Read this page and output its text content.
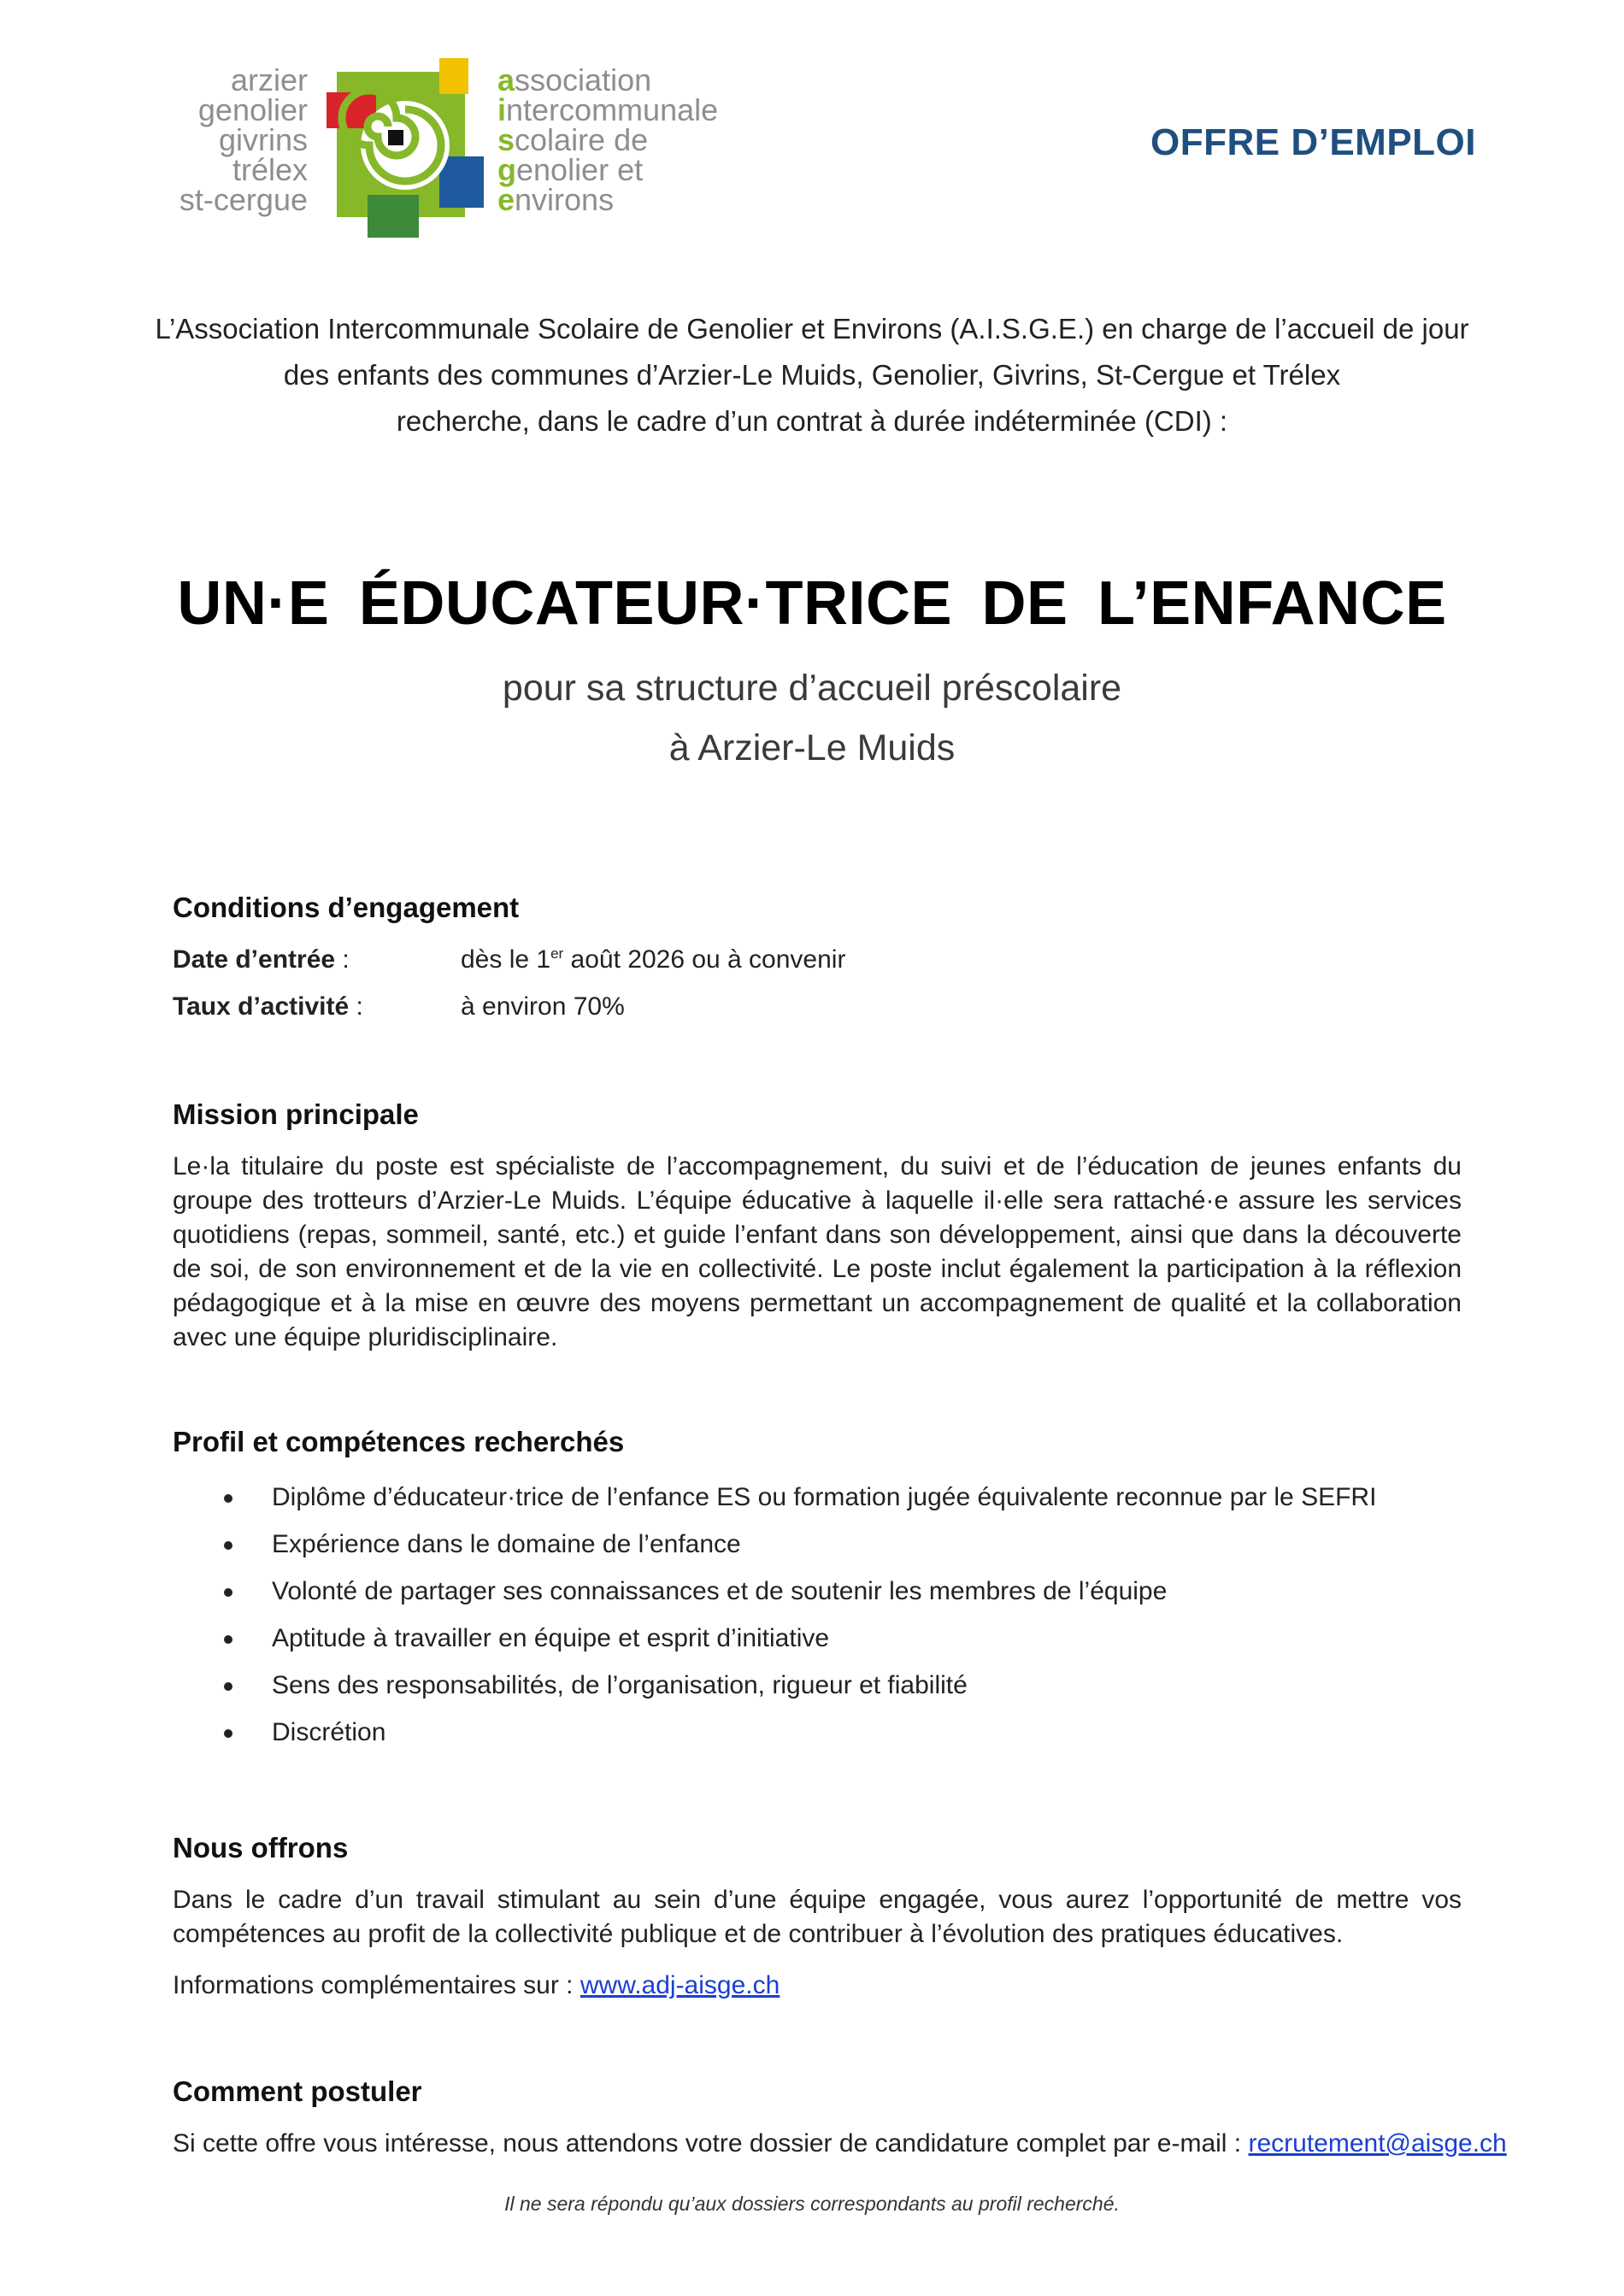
arzier
genolier
givrins
trélex
st-cergue
association
intercommunale
scolaire de
genolier et
environs
OFFRE D’EMPLOI

L’Association Intercommunale Scolaire de Genolier et Environs (A.I.S.G.E.) en charge de l’accueil de jour

des enfants des communes d’Arzier-Le Muids, Genolier, Givrins, St-Cergue et Trélex

recherche, dans le cadre d’un contrat à durée indéterminée (CDI) :

UN·E ÉDUCATEUR·TRICE DE L’ENFANCE

pour sa structure d’accueil préscolaire

à Arzier-Le Muids

Conditions d’engagement
Date d’entrée :	dès le 1er août 2026 ou à convenir
Taux d’activité :	à environ 70%
Mission principale
Le·la titulaire du poste est spécialiste de l’accompagnement, du suivi et de l’éducation de jeunes enfants du groupe des trotteurs d’Arzier-Le Muids. L’équipe éducative à laquelle il·elle sera rattaché·e assure les services quotidiens (repas, sommeil, santé, etc.) et guide l’enfant dans son développement, ainsi que dans la découverte de soi, de son environnement et de la vie en collectivité. Le poste inclut également la participation à la réflexion pédagogique et à la mise en œuvre des moyens permettant un accompagnement de qualité et la collaboration avec une équipe pluridisciplinaire.
Profil et compétences recherchés
Diplôme d’éducateur·trice de l’enfance ES ou formation jugée équivalente reconnue par le SEFRI
Expérience dans le domaine de l’enfance
Volonté de partager ses connaissances et de soutenir les membres de l’équipe
Aptitude à travailler en équipe et esprit d’initiative
Sens des responsabilités, de l’organisation, rigueur et fiabilité
Discrétion
Nous offrons
Dans le cadre d’un travail stimulant au sein d’une équipe engagée, vous aurez l’opportunité de mettre vos compétences au profit de la collectivité publique et de contribuer à l’évolution des pratiques éducatives.
Informations complémentaires sur : www.adj-aisge.ch
Comment postuler
Si cette offre vous intéresse, nous attendons votre dossier de candidature complet par e-mail : recrutement@aisge.ch
Il ne sera répondu qu’aux dossiers correspondants au profil recherché.
